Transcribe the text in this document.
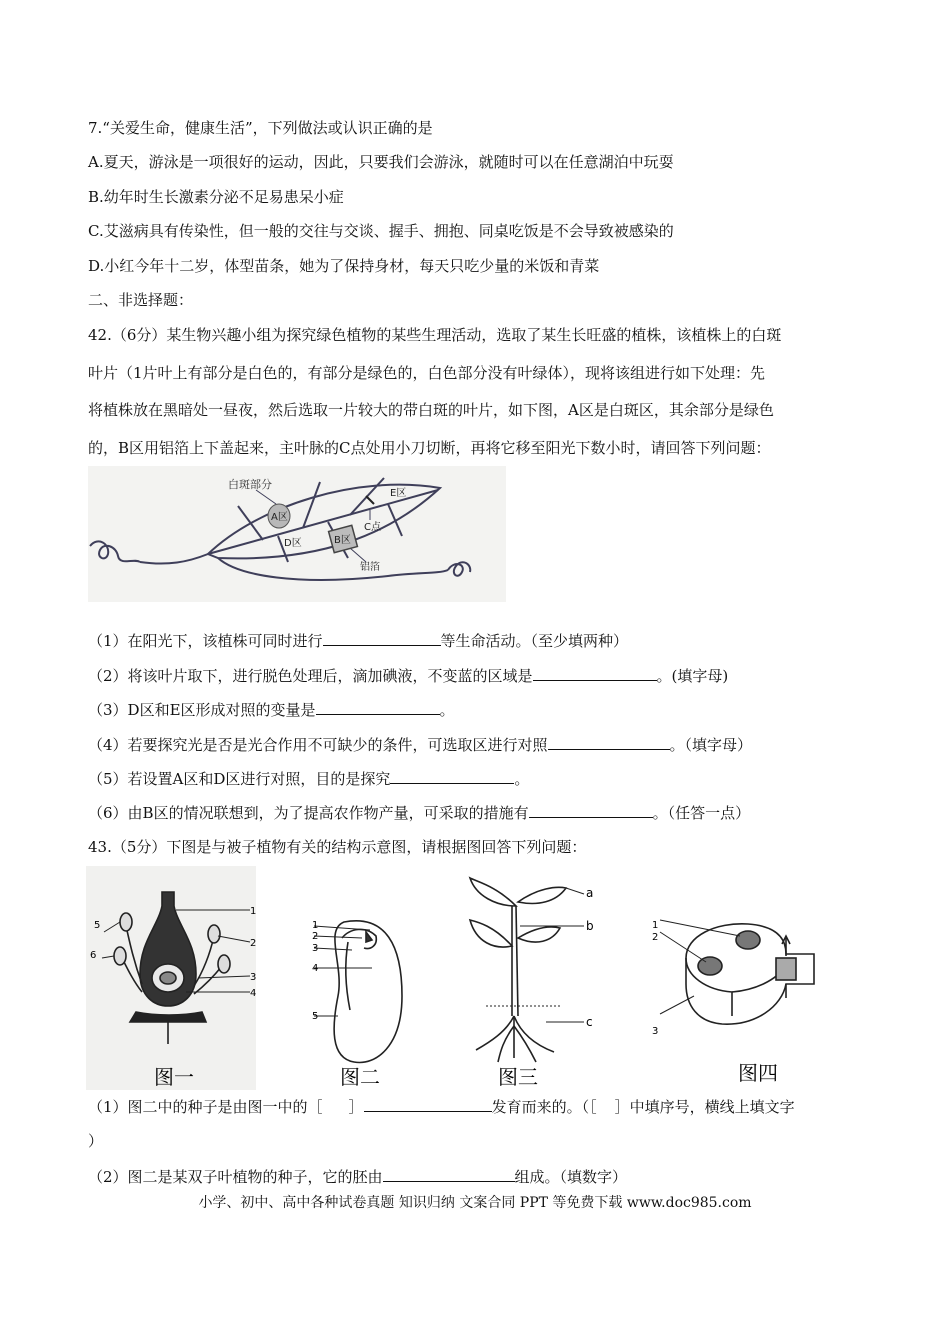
7.“关爱生命，健康生活”，下列做法或认识正确的是
A.夏天，游泳是一项很好的运动，因此，只要我们会游泳，就随时可以在任意湖泊中玩耍
B.幼年时生长激素分泌不足易患呆小症
C.艾滋病具有传染性，但一般的交往与交谈、握手、拥抱、同桌吃饭是不会导致被感染的
D.小红今年十二岁，体型苗条，她为了保持身材，每天只吃少量的米饭和青菜
二、非选择题：
42.（6分）某生物兴趣小组为探究绿色植物的某些生理活动，选取了某生长旺盛的植株，该植株上的白斑
叶片（1片叶上有部分是白色的，有部分是绿色的，白色部分没有叶绿体），现将该组进行如下处理：先
将植株放在黑暗处一昼夜，然后选取一片较大的带白斑的叶片，如下图，A区是白斑区，其余部分是绿色
的，B区用铝箔上下盖起来，主叶脉的C点处用小刀切断，再将它移至阳光下数小时，请回答下列问题：
白斑部分
A区
E区
C点
D区	B区
铝箔
（1）在阳光下，该植株可同时进行	等生命活动。（至少填两种）
（2）将该叶片取下，进行脱色处理后，滴加碘液，不变蓝的区域是	。(填字母)
（3）D区和E区形成对照的变量是	。
（4）若要探究光是否是光合作用不可缺少的条件，可选取区进行对照	。（填字母）
（5）若设置A区和D区进行对照，目的是探究	。
（6）由B区的情况联想到，为了提高农作物产量，可采取的措施有	。（任答一点）
43.（5分）下图是与被子植物有关的结构示意图，请根据图回答下列问题：
1
2
3
4
5
6
图一
1
2
3
4
5
图二
a
b
c
图三
1
2
3
图四
（1）图二中的种子是由图一中的［ ］	发育而来的。（［ ］中填序号，横线上填文字
）
（2）图二是某双子叶植物的种子，它的胚由	组成。（填数字）
小学、初中、高中各种试卷真题 知识归纳 文案合同 PPT 等免费下载 www.doc985.com
